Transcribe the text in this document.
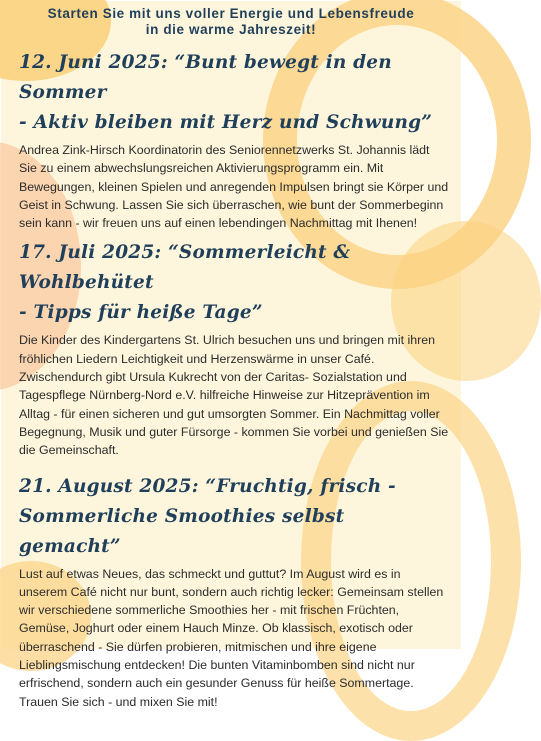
Starten Sie mit uns voller Energie und Lebensfreude
in die warme Jahreszeit!
12. Juni 2025: “Bunt bewegt in den Sommer
- Aktiv bleiben mit Herz und Schwung”
Andrea Zink-Hirsch Koordinatorin des Seniorennetzwerks St. Johannis lädt Sie zu einem abwechslungsreichen Aktivierungsprogramm ein. Mit Bewegungen, kleinen Spielen und anregenden Impulsen bringt sie Körper und Geist in Schwung. Lassen Sie sich überraschen, wie bunt der Sommerbeginn sein kann - wir freuen uns auf einen lebendingen Nachmittag mit Ihenen!
17. Juli 2025: “Sommerleicht & Wohlbehütet
- Tipps für heiße Tage”
Die Kinder des Kindergartens St. Ulrich besuchen uns und bringen mit ihren fröhlichen Liedern Leichtigkeit und Herzenswärme in unser Café. Zwischendurch gibt Ursula Kukrecht von der Caritas- Sozialstation und Tagespflege Nürnberg-Nord e.V. hilfreiche Hinweise zur Hitzeprävention im Alltag - für einen sicheren und gut umsorgten Sommer. Ein Nachmittag voller Begegnung, Musik und guter Fürsorge - kommen Sie vorbei und genießen Sie die Gemeinschaft.
21. August 2025: “Fruchtig, frisch -
Sommerliche Smoothies selbst gemacht”
Lust auf etwas Neues, das schmeckt und guttut? Im August wird es in unserem Café nicht nur bunt, sondern auch richtig lecker: Gemeinsam stellen wir verschiedene sommerliche Smoothies her - mit frischen Früchten, Gemüse, Joghurt oder einem Hauch Minze. Ob klassisch, exotisch oder überraschend - Sie dürfen probieren, mitmischen und ihre eigene Lieblingsmischung entdecken! Die bunten Vitaminbomben sind nicht nur erfrischend, sondern auch ein gesunder Genuss für heiße Sommertage. Trauen Sie sich - und mixen Sie mit!
